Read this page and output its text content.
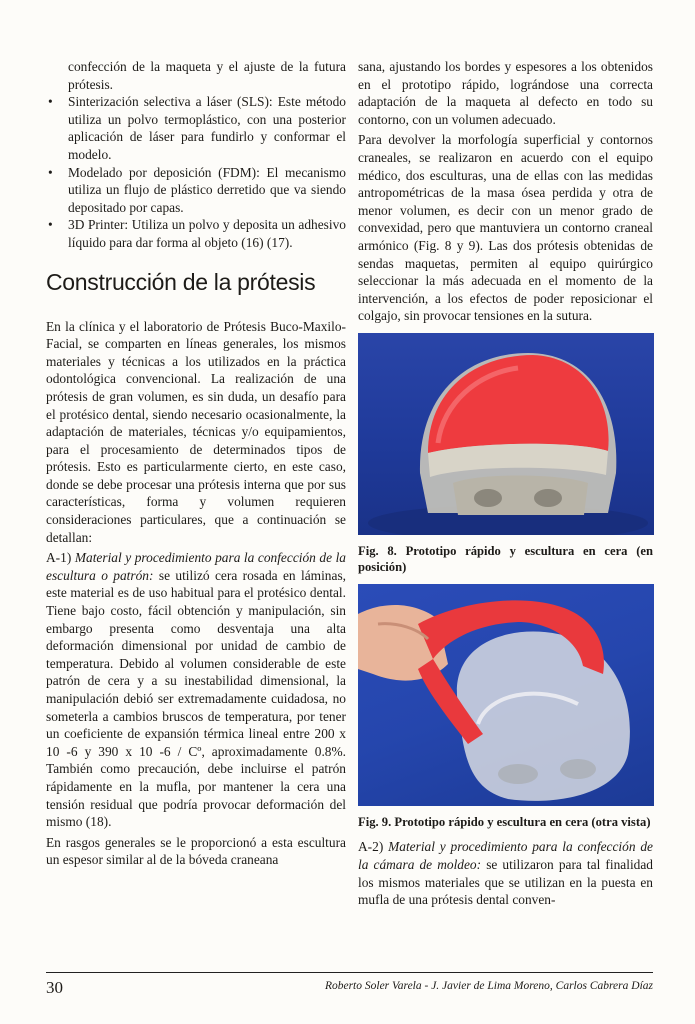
confección de la maqueta y el ajuste de la futura prótesis.

• Sinterización selectiva a láser (SLS): Este método utiliza un polvo termoplástico, con una posterior aplicación de láser para fundirlo y conformar el modelo.
• Modelado por deposición (FDM): El mecanismo utiliza un flujo de plástico derretido que va siendo depositado por capas.
• 3D Printer: Utiliza un polvo y deposita un adhesivo líquido para dar forma al objeto (16) (17).
Construcción de la prótesis

En la clínica y el laboratorio de Prótesis Buco-Maxilo-Facial, se comparten en líneas generales, los mismos materiales y técnicas a los utilizados en la práctica odontológica convencional. La realización de una prótesis de gran volumen, es sin duda, un desafío para el protésico dental, siendo necesario ocasionalmente, la adaptación de materiales, técnicas y/o equipamientos, para el procesamiento de determinados tipos de prótesis. Esto es particularmente cierto, en este caso, donde se debe procesar una prótesis interna que por sus características, forma y volumen requieren consideraciones particulares, que a continuación se detallan:

A-1) Material y procedimiento para la confección de la escultura o patrón: se utilizó cera rosada en láminas, este material es de uso habitual para el protésico dental. Tiene bajo costo, fácil obtención y manipulación, sin embargo presenta como desventaja una alta deformación dimensional por unidad de cambio de temperatura. Debido al volumen considerable de este patrón de cera y a su inestabilidad dimensional, la manipulación debió ser extremadamente cuidadosa, no someterla a cambios bruscos de temperatura, por tener un coeficiente de expansión térmica lineal entre 200 x 10 -6 y 390 x 10 -6 / Cº, aproximadamente 0.8%. También como precaución, debe incluirse el patrón rápidamente en la mufla, por mantener la cera una tensión residual que podría provocar deformación del mismo (18).

En rasgos generales se le proporcionó a esta escultura un espesor similar al de la bóveda craneana

sana, ajustando los bordes y espesores a los obtenidos en el prototipo rápido, lográndose una correcta adaptación de la maqueta al defecto en todo su contorno, con un volumen adecuado.

Para devolver la morfología superficial y contornos craneales, se realizaron en acuerdo con el equipo médico, dos esculturas, una de ellas con las medidas antropométricas de la masa ósea perdida y otra de menor volumen, es decir con un menor grado de convexidad, pero que mantuviera un contorno craneal armónico (Fig. 8 y 9). Las dos prótesis obtenidas de sendas maquetas, permiten al equipo quirúrgico seleccionar la más adecuada en el momento de la intervención, a los efectos de poder reposicionar el colgajo, sin provocar tensiones en la sutura.

Fig. 8. Prototipo rápido y escultura en cera (en posición)
Fig. 9. Prototipo rápido y escultura en cera (otra vista)

A-2) Material y procedimiento para la confección de la cámara de moldeo: se utilizaron para tal finalidad los mismos materiales que se utilizan en la puesta en mufla de una prótesis dental conven-

30	Roberto Soler Varela - J. Javier de Lima Moreno, Carlos Cabrera Díaz
